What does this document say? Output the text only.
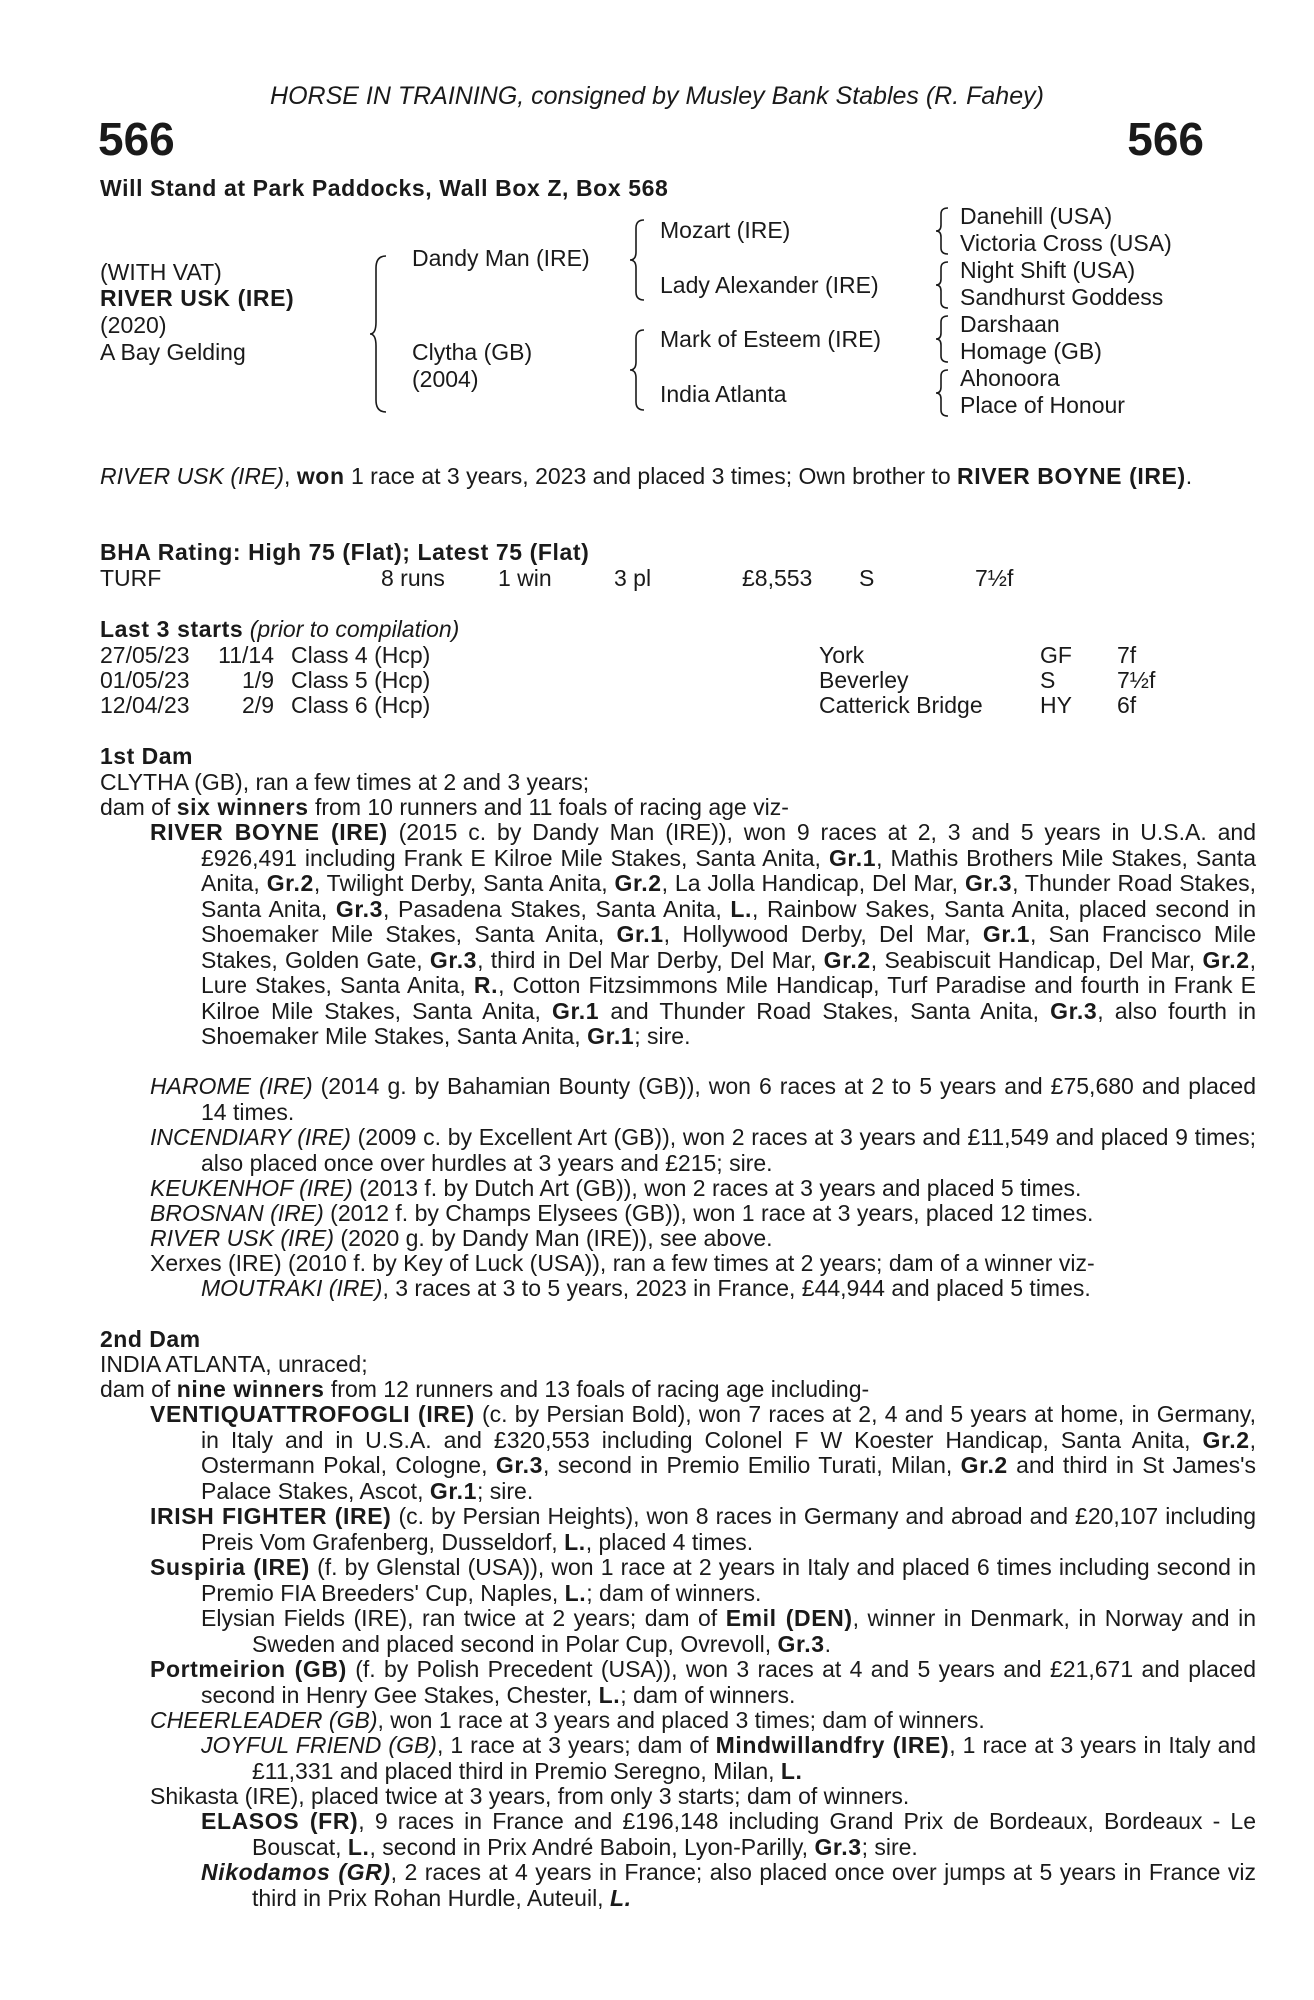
HORSE IN TRAINING, consigned by Musley Bank Stables (R. Fahey)
566	566
Will Stand at Park Paddocks, Wall Box Z, Box 568
(WITH VAT)
RIVER USK (IRE)
(2020)
A Bay Gelding
Dandy Man (IRE)
Clytha (GB)
(2004)
Mozart (IRE)
Lady Alexander (IRE)
Mark of Esteem (IRE)
India Atlanta
Danehill (USA)
Victoria Cross (USA)
Night Shift (USA)
Sandhurst Goddess
Darshaan
Homage (GB)
Ahonoora
Place of Honour
RIVER USK (IRE), won 1 race at 3 years, 2023 and placed 3 times; Own brother to RIVER BOYNE (IRE).
BHA Rating: High 75 (Flat); Latest 75 (Flat)
TURF	8 runs 1 win	3 pl	£8,553 S	7½f
Last 3 starts (prior to compilation)
27/05/23	11/14 Class 4 (Hcp)	York	GF 7f
01/05/23	1/9 Class 5 (Hcp)	Beverley	S	7½f
12/04/23	2/9 Class 6 (Hcp)	Catterick Bridge HY 6f
1st Dam
CLYTHA (GB), ran a few times at 2 and 3 years;
dam of six winners from 10 runners and 11 foals of racing age viz-
RIVER BOYNE (IRE) (2015 c. by Dandy Man (IRE)), won 9 races at 2, 3 and 5 years in U.S.A. and £926,491 including Frank E Kilroe Mile Stakes, Santa Anita, Gr.1, Mathis Brothers Mile Stakes, Santa Anita, Gr.2, Twilight Derby, Santa Anita, Gr.2, La Jolla Handicap, Del Mar, Gr.3, Thunder Road Stakes, Santa Anita, Gr.3, Pasadena Stakes, Santa Anita, L., Rainbow Sakes, Santa Anita, placed second in Shoemaker Mile Stakes, Santa Anita, Gr.1, Hollywood Derby, Del Mar, Gr.1, San Francisco Mile Stakes, Golden Gate, Gr.3, third in Del Mar Derby, Del Mar, Gr.2, Seabiscuit Handicap, Del Mar, Gr.2, Lure Stakes, Santa Anita, R., Cotton Fitzsimmons Mile Handicap, Turf Paradise and fourth in Frank E Kilroe Mile Stakes, Santa Anita, Gr.1 and Thunder Road Stakes, Santa Anita, Gr.3, also fourth in Shoemaker Mile Stakes, Santa Anita, Gr.1; sire.
HAROME (IRE) (2014 g. by Bahamian Bounty (GB)), won 6 races at 2 to 5 years and £75,680 and placed 14 times.
INCENDIARY (IRE) (2009 c. by Excellent Art (GB)), won 2 races at 3 years and £11,549 and placed 9 times; also placed once over hurdles at 3 years and £215; sire.
KEUKENHOF (IRE) (2013 f. by Dutch Art (GB)), won 2 races at 3 years and placed 5 times.
BROSNAN (IRE) (2012 f. by Champs Elysees (GB)), won 1 race at 3 years, placed 12 times.
RIVER USK (IRE) (2020 g. by Dandy Man (IRE)), see above.
Xerxes (IRE) (2010 f. by Key of Luck (USA)), ran a few times at 2 years; dam of a winner viz-
MOUTRAKI (IRE), 3 races at 3 to 5 years, 2023 in France, £44,944 and placed 5 times.
2nd Dam
INDIA ATLANTA, unraced;
dam of nine winners from 12 runners and 13 foals of racing age including-
VENTIQUATTROFOGLI (IRE) (c. by Persian Bold), won 7 races at 2, 4 and 5 years at home, in Germany, in Italy and in U.S.A. and £320,553 including Colonel F W Koester Handicap, Santa Anita, Gr.2, Ostermann Pokal, Cologne, Gr.3, second in Premio Emilio Turati, Milan, Gr.2 and third in St James's Palace Stakes, Ascot, Gr.1; sire.
IRISH FIGHTER (IRE) (c. by Persian Heights), won 8 races in Germany and abroad and £20,107 including Preis Vom Grafenberg, Dusseldorf, L., placed 4 times.
Suspiria (IRE) (f. by Glenstal (USA)), won 1 race at 2 years in Italy and placed 6 times including second in Premio FIA Breeders' Cup, Naples, L.; dam of winners.
Elysian Fields (IRE), ran twice at 2 years; dam of Emil (DEN), winner in Denmark, in Norway and in Sweden and placed second in Polar Cup, Ovrevoll, Gr.3.
Portmeirion (GB) (f. by Polish Precedent (USA)), won 3 races at 4 and 5 years and £21,671 and placed second in Henry Gee Stakes, Chester, L.; dam of winners.
CHEERLEADER (GB), won 1 race at 3 years and placed 3 times; dam of winners.
JOYFUL FRIEND (GB), 1 race at 3 years; dam of Mindwillandfry (IRE), 1 race at 3 years in Italy and £11,331 and placed third in Premio Seregno, Milan, L.
Shikasta (IRE), placed twice at 3 years, from only 3 starts; dam of winners.
ELASOS (FR), 9 races in France and £196,148 including Grand Prix de Bordeaux, Bordeaux - Le Bouscat, L., second in Prix André Baboin, Lyon-Parilly, Gr.3; sire.
Nikodamos (GR), 2 races at 4 years in France; also placed once over jumps at 5 years in France viz third in Prix Rohan Hurdle, Auteuil, L.
